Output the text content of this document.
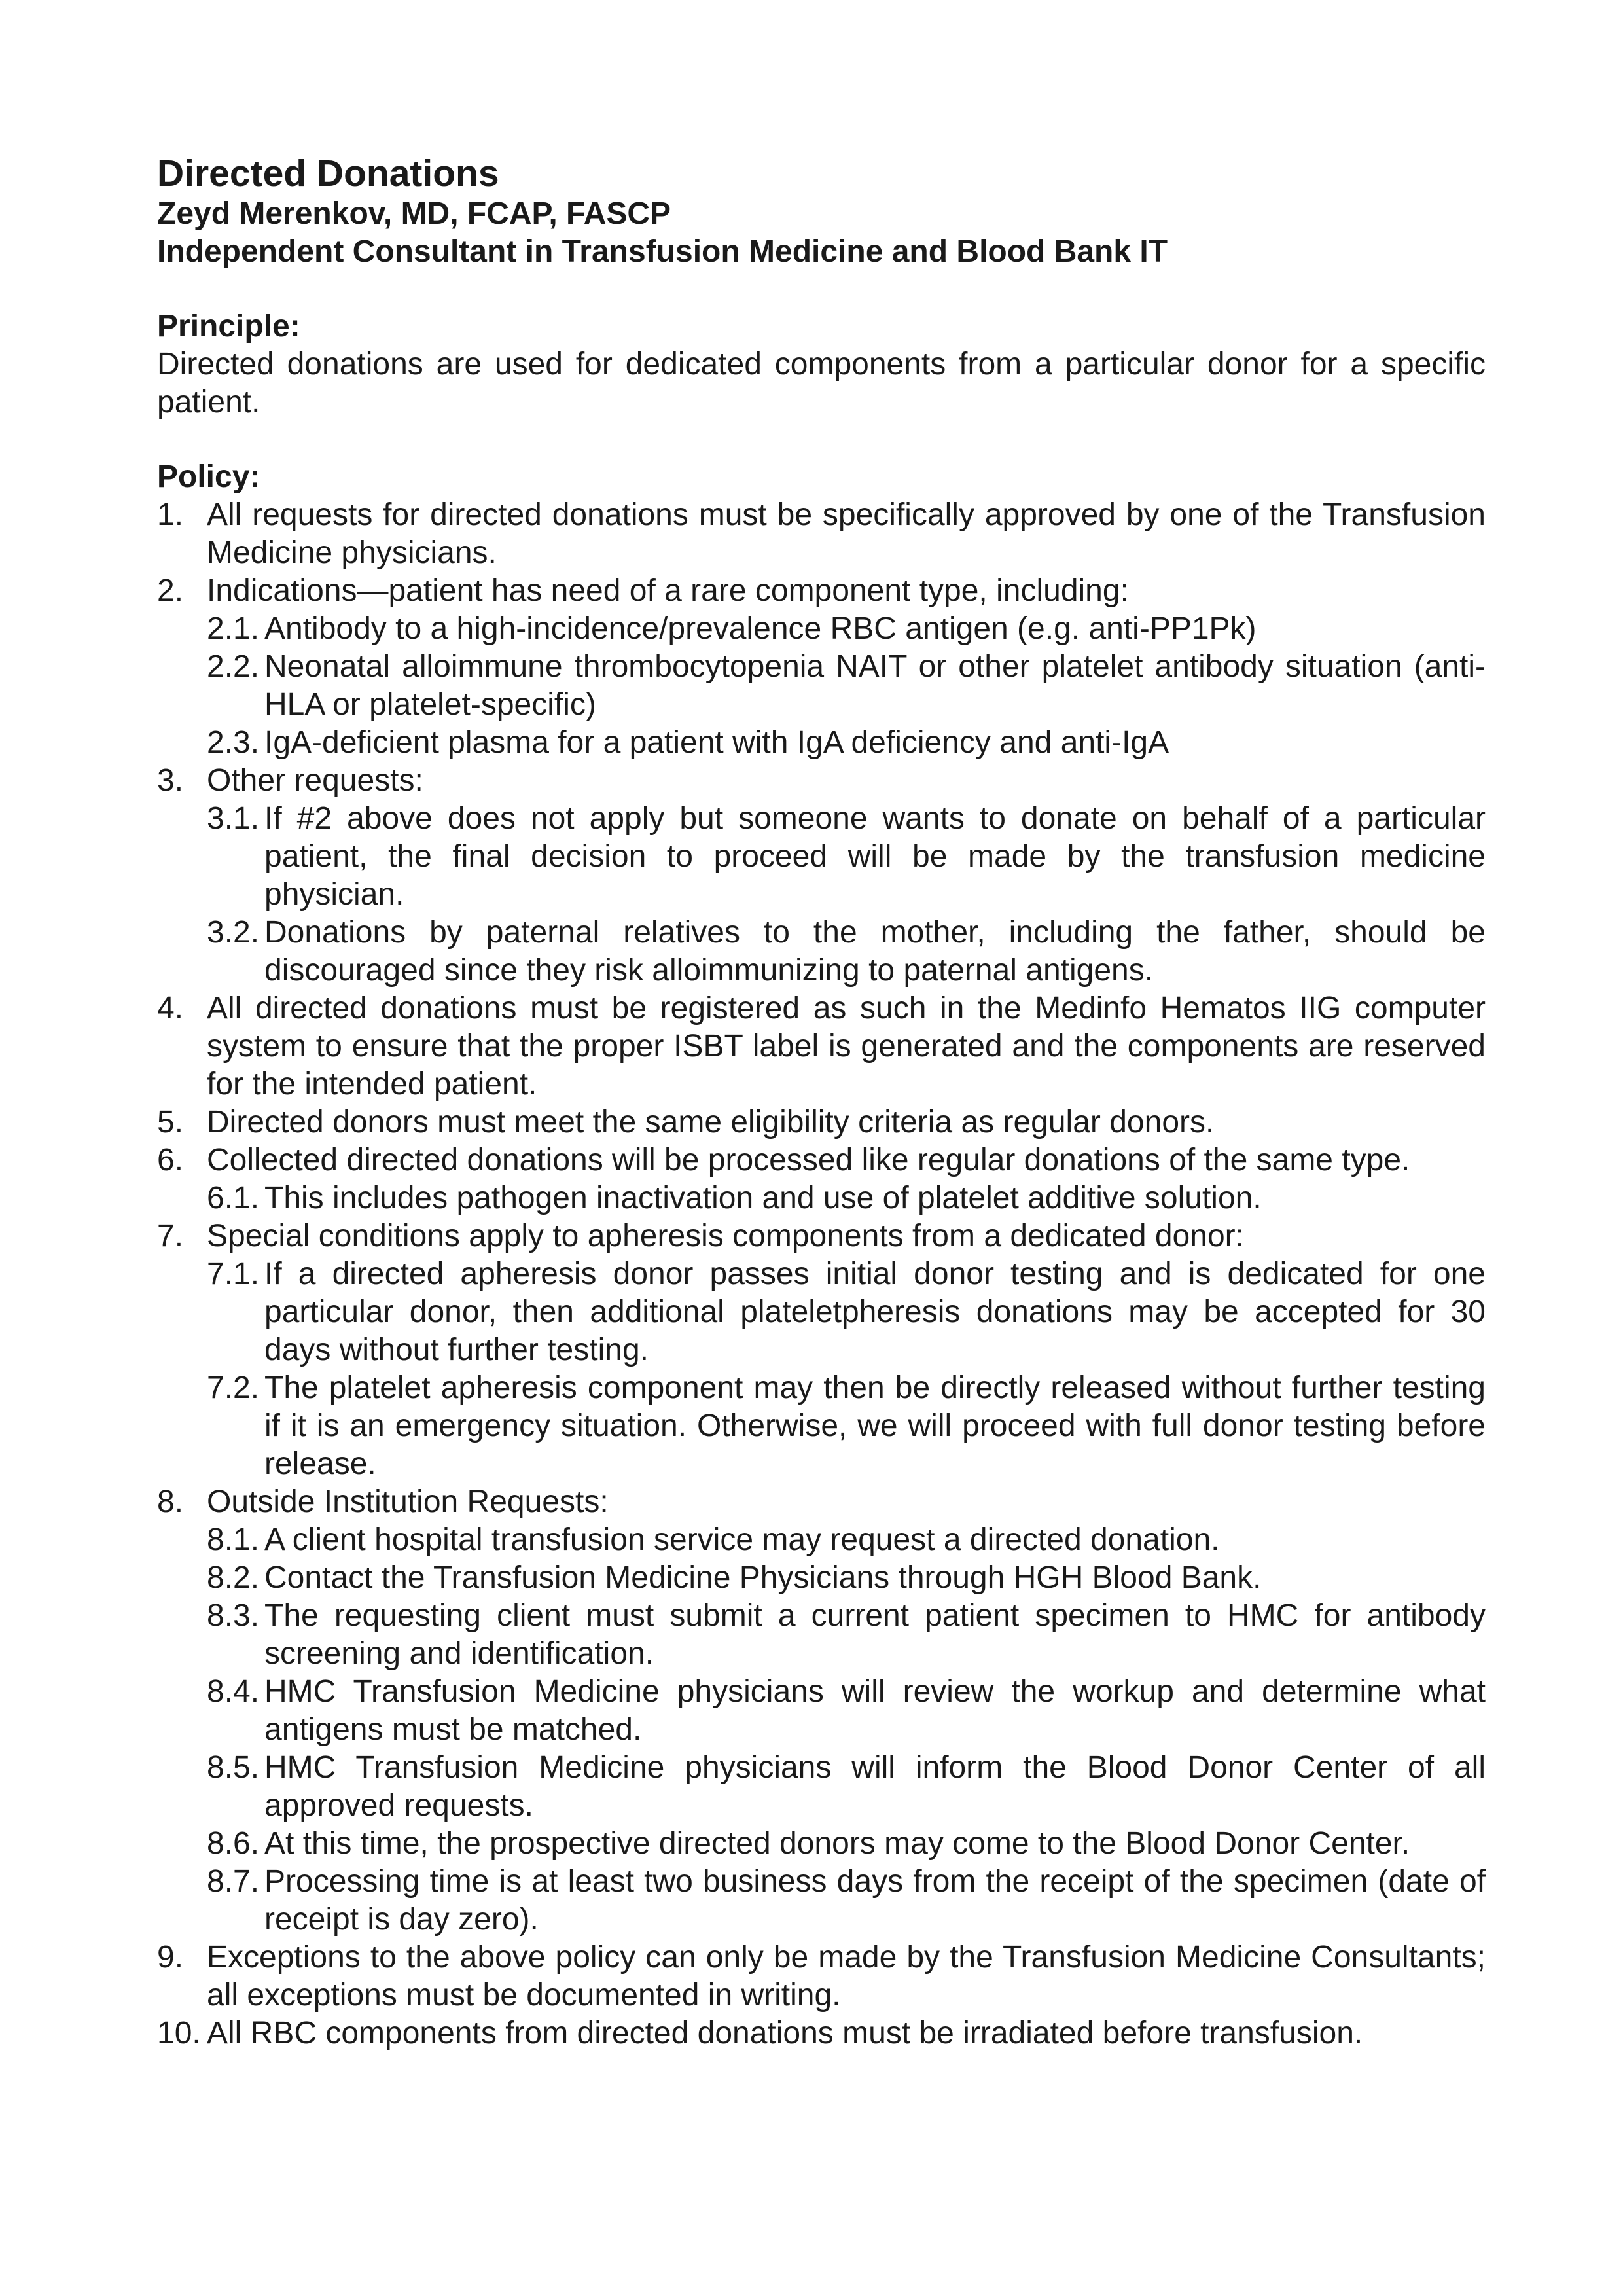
Directed Donations

Zeyd Merenkov, MD, FCAP, FASCP

Independent Consultant in Transfusion Medicine and Blood Bank IT

Principle:

Directed donations are used for dedicated components from a particular donor for a specific patient.

Policy:

1. All requests for directed donations must be specifically approved by one of the Transfusion Medicine physicians.
2. Indications—patient has need of a rare component type, including:
2.1. Antibody to a high-incidence/prevalence RBC antigen (e.g. anti-PP1Pk)
2.2. Neonatal alloimmune thrombocytopenia NAIT or other platelet antibody situation (anti-HLA or platelet-specific)
2.3. IgA-deficient plasma for a patient with IgA deficiency and anti-IgA
3. Other requests:
3.1. If #2 above does not apply but someone wants to donate on behalf of a particular patient, the final decision to proceed will be made by the transfusion medicine physician.
3.2. Donations by paternal relatives to the mother, including the father, should be discouraged since they risk alloimmunizing to paternal antigens.
4. All directed donations must be registered as such in the Medinfo Hematos IIG computer system to ensure that the proper ISBT label is generated and the components are reserved for the intended patient.
5. Directed donors must meet the same eligibility criteria as regular donors.
6. Collected directed donations will be processed like regular donations of the same type.
6.1. This includes pathogen inactivation and use of platelet additive solution.
7. Special conditions apply to apheresis components from a dedicated donor:
7.1. If a directed apheresis donor passes initial donor testing and is dedicated for one particular donor, then additional plateletpheresis donations may be accepted for 30 days without further testing.
7.2. The platelet apheresis component may then be directly released without further testing if it is an emergency situation. Otherwise, we will proceed with full donor testing before release.
8. Outside Institution Requests:
8.1. A client hospital transfusion service may request a directed donation.
8.2. Contact the Transfusion Medicine Physicians through HGH Blood Bank.
8.3. The requesting client must submit a current patient specimen to HMC for antibody screening and identification.
8.4. HMC Transfusion Medicine physicians will review the workup and determine what antigens must be matched.
8.5. HMC Transfusion Medicine physicians will inform the Blood Donor Center of all approved requests.
8.6. At this time, the prospective directed donors may come to the Blood Donor Center.
8.7. Processing time is at least two business days from the receipt of the specimen (date of receipt is day zero).
9. Exceptions to the above policy can only be made by the Transfusion Medicine Consultants; all exceptions must be documented in writing.
10. All RBC components from directed donations must be irradiated before transfusion.
